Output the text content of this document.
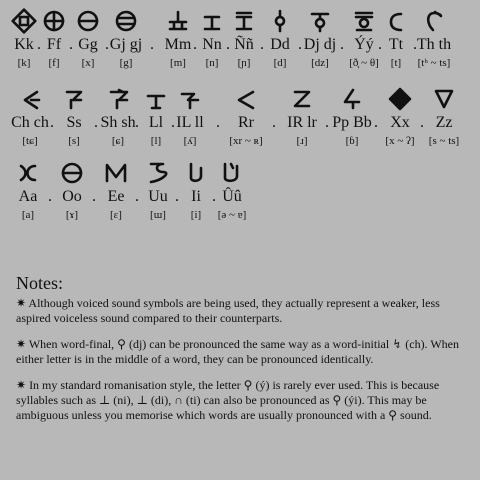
Kk
[k]
. Ff
[f]
. Gg
[x]
. Gj gj
[g]
. Mm
[m]
. Nn
[n]
. Ññ
[ɲ]
. Dd
[d]
. Dj dj
[dz]
. Ýý
[ð̞ ~ θ]
. Tt
[t]
. Th th
[tʰ ~ ts]
Ch ch
[tɕ]
. Ss
[s]
. Sh sh
[ɕ]
. Ll
[l]
. IL ll
[ʎ]
.	Rr
[xr ~ ʀ]
. IR lr
[ɹ]
. Pp Bb
[ɓ]
. Xx
[x ~ ʔ]
. Zz
[s ~ ts]
Aa
[a]
. Oo
[ɤ]
. Ee
[ɛ]
. Uu
[ɯ]
. Ii
[i]
. Ûû
[ə ~ ɐ]
Notes:

✷ Although voiced sound symbols are being used, they actually represent a weaker, less aspired voiceless sound compared to their counterparts.

✷ When word-final, ⚲ (dj) can be pronounced the same way as a word-initial ↯ (ch). When either letter is in the middle of a word, they can be pronounced identically.

✷ In my standard romanisation style, the letter ⚲ (ý) is rarely ever used. This is because syllables such as ⊥ (ni), ⊥ (di), ∩ (ti) can also be pronounced as ⚲ (ýi). This may be ambiguous unless you memorise which words are usually pronounced with a ⚲ sound.
